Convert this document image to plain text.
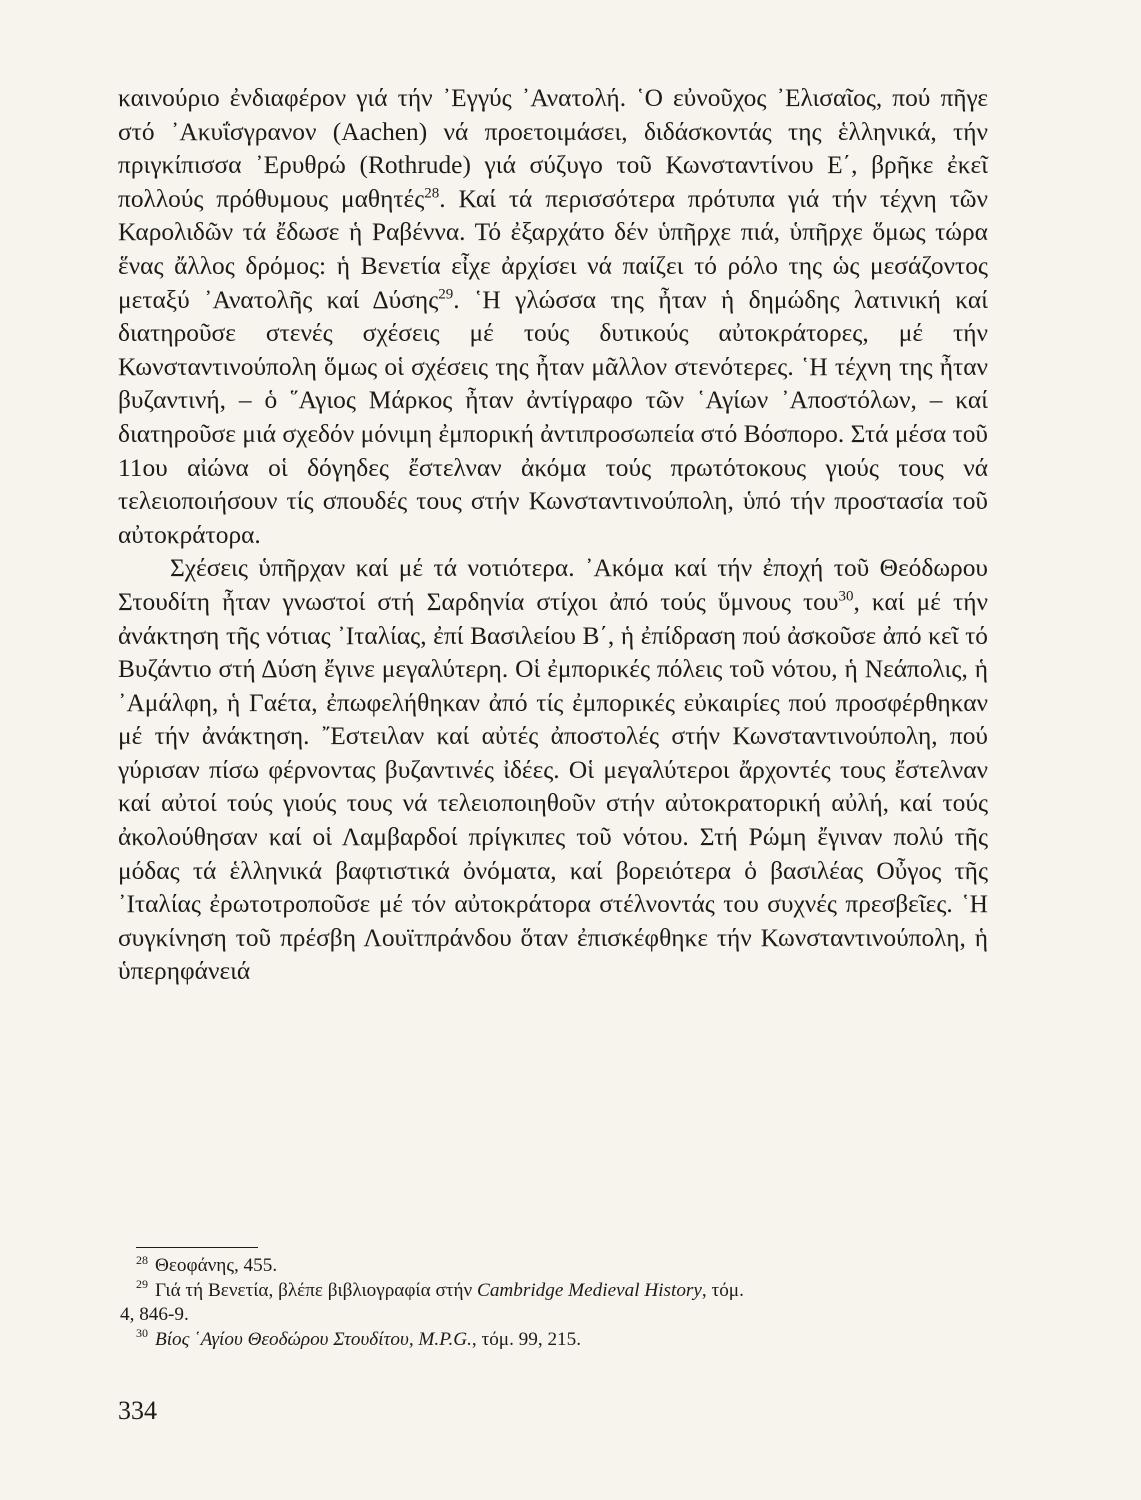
καινούριο ἐνδιαφέρον γιά τήν ᾿Εγγύς ᾿Ανατολή. ῾Ο εὐνοῦχος ᾿Ελισαῖος, πού πῆγε στό ᾿Ακυΐσγρανον (Aachen) νά προετοιμάσει, διδάσκοντάς της ἑλληνικά, τήν πριγκίπισσα ᾿Ερυθρώ (Rothrude) γιά σύζυγο τοῦ Κωνσταντίνου Ε΄, βρῆκε ἐκεῖ πολλούς πρόθυμους μαθητές$^{28}$. Καί τά περισσότερα πρότυπα γιά τήν τέχνη τῶν Καρολιδῶν τά ἔδωσε ἡ Ραβέννα. Τό ἐξαρχάτο δέν ὑπῆρχε πιά, ὑπῆρχε ὅμως τώρα ἕνας ἄλλος δρόμος: ἡ Βενετία εἶχε ἀρχίσει νά παίζει τό ρόλο της ὡς μεσάζοντος μεταξύ ᾿Ανατολῆς καί Δύσης$^{29}$. ῾Η γλώσσα της ἦταν ἡ δημώδης λατινική καί διατηροῦσε στενές σχέσεις μέ τούς δυτικούς αὐτοκράτορες, μέ τήν Κωνσταντινούπολη ὅμως οἱ σχέσεις της ἦταν μᾶλλον στενότερες. ῾Η τέχνη της ἦταν βυζαντινή, – ὁ ῞Αγιος Μάρκος ἦταν ἀντίγραφο τῶν ῾Αγίων ᾿Αποστόλων, – καί διατηροῦσε μιά σχεδόν μόνιμη ἐμπορική ἀντιπροσωπεία στό Βόσπορο. Στά μέσα τοῦ 11ου αἰώνα οἱ δόγηδες ἔστελναν ἀκόμα τούς πρωτότοκους γιούς τους νά τελειοποιήσουν τίς σπουδές τους στήν Κωνσταντινούπολη, ὑπό τήν προστασία τοῦ αὐτοκράτορα.

Σχέσεις ὑπῆρχαν καί μέ τά νοτιότερα. ᾿Ακόμα καί τήν ἐποχή τοῦ Θεόδωρου Στουδίτη ἦταν γνωστοί στή Σαρδηνία στίχοι ἀπό τούς ὕμνους του$^{30}$, καί μέ τήν ἀνάκτηση τῆς νότιας ᾿Ιταλίας, ἐπί Βασιλείου Β΄, ἡ ἐπίδραση πού ἀσκοῦσε ἀπό κεῖ τό Βυζάντιο στή Δύση ἔγινε μεγαλύτερη. Οἱ ἐμπορικές πόλεις τοῦ νότου, ἡ Νεάπολις, ἡ ᾿Αμάλφη, ἡ Γαέτα, ἐπωφελήθηκαν ἀπό τίς ἐμπορικές εὐκαιρίες πού προσφέρθηκαν μέ τήν ἀνάκτηση. ῎Εστειλαν καί αὐτές ἀποστολές στήν Κωνσταντινούπολη, πού γύρισαν πίσω φέρνοντας βυζαντινές ἰδέες. Οἱ μεγαλύτεροι ἄρχοντές τους ἔστελναν καί αὐτοί τούς γιούς τους νά τελειοποιηθοῦν στήν αὐτοκρατορική αὐλή, καί τούς ἀκολούθησαν καί οἱ Λαμβαρδοί πρίγκιπες τοῦ νότου. Στή Ρώμη ἔγιναν πολύ τῆς μόδας τά ἑλληνικά βαφτιστικά ὀνόματα, καί βορειότερα ὁ βασιλέας Οὖγος τῆς ᾿Ιταλίας ἐρωτοτροποῦσε μέ τόν αὐτοκράτορα στέλνοντάς του συχνές πρεσβεῖες. ῾Η συγκίνηση τοῦ πρέσβη Λουϊτπράνδου ὅταν ἐπισκέφθηκε τήν Κωνσταντινούπολη, ἡ ὑπερηφάνειά

$^{28}$ Θεοφάνης, 455.

$^{29}$ Γιά τή Βενετία, βλέπε βιβλιογραφία στήν Cambridge Medieval History, τόμ.
4, 846-9.

$^{30}$ Βίος ῾Αγίου Θεοδώρου Στουδίτου, M.P.G., τόμ. 99, 215.

334
